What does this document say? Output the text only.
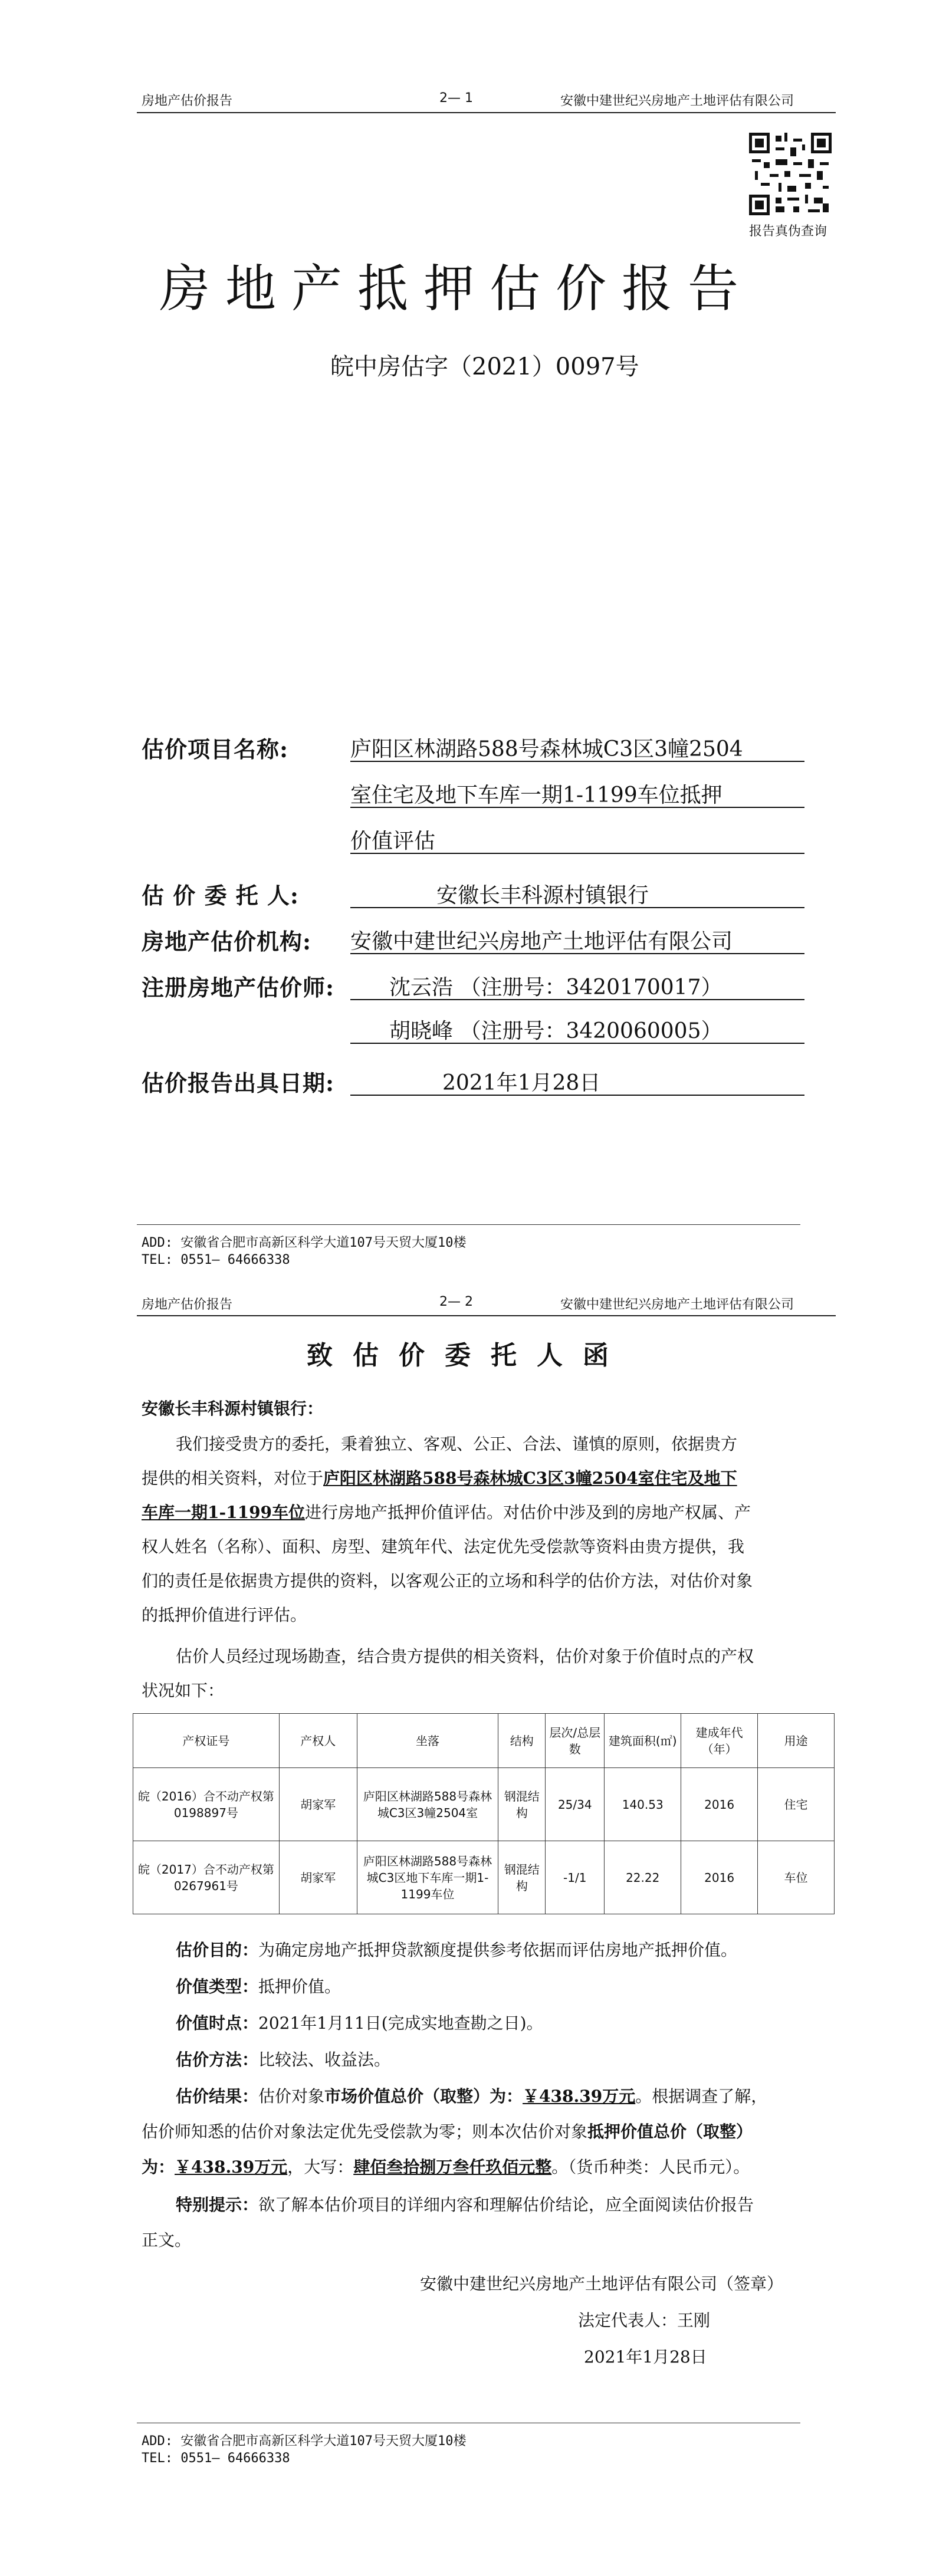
房地产估价报告	2— 1	安徽中建世纪兴房地产土地评估有限公司
报告真伪查询
房地产抵押估价报告
皖中房估字（2021）0097号
估价项目名称:	庐阳区林湖路588号森林城C3区3幢2504
室住宅及地下车库一期1-1199车位抵押
价值评估
估 价 委 托 人:	安徽长丰科源村镇银行
房地产估价机构: 安徽中建世纪兴房地产土地评估有限公司
注册房地产估价师:	沈云浩 （注册号：3420170017）
胡晓峰 （注册号：3420060005）
估价报告出具日期:	2021年1月28日
ADD: 安徽省合肥市高新区科学大道107号天贸大厦10楼
TEL: 0551— 64666338
房地产估价报告	2— 2	安徽中建世纪兴房地产土地评估有限公司
致估价委托人函
安徽长丰科源村镇银行：
我们接受贵方的委托，秉着独立、客观、公正、合法、谨慎的原则，依据贵方
提供的相关资料，对位于庐阳区林湖路588号森林城C3区3幢2504室住宅及地下
车库一期1-1199车位进行房地产抵押价值评估。对估价中涉及到的房地产权属、产
权人姓名（名称）、面积、房型、建筑年代、法定优先受偿款等资料由贵方提供，我
们的责任是依据贵方提供的资料，以客观公正的立场和科学的估价方法，对估价对象
的抵押价值进行评估。
估价人员经过现场勘查，结合贵方提供的相关资料，估价对象于价值时点的产权
状况如下：
产权证号	产权人	坐落	结构	层次/总层数	建筑面积(㎡)	建成年代（年）	用途
皖（2016）合不动产权第0198897号	胡家军	庐阳区林湖路588号森林城C3区3幢2504室	钢混结构	25/34	140.53	2016	住宅
皖（2017）合不动产权第0267961号	胡家军	庐阳区林湖路588号森林城C3区地下车库一期1-1199车位	钢混结构	-1/1	22.22	2016	车位
估价目的：为确定房地产抵押贷款额度提供参考依据而评估房地产抵押价值。
价值类型：抵押价值。
价值时点：2021年1月11日(完成实地查勘之日)。
估价方法：比较法、收益法。
估价结果：估价对象市场价值总价（取整）为：￥438.39万元。根据调查了解，
估价师知悉的估价对象法定优先受偿款为零；则本次估价对象抵押价值总价（取整）
为：￥438.39万元，大写：肆佰叁拾捌万叁仟玖佰元整。（货币种类：人民币元）。
特别提示：欲了解本估价项目的详细内容和理解估价结论，应全面阅读估价报告
正文。
安徽中建世纪兴房地产土地评估有限公司（签章）
法定代表人：王刚
2021年1月28日
ADD: 安徽省合肥市高新区科学大道107号天贸大厦10楼
TEL: 0551— 64666338
